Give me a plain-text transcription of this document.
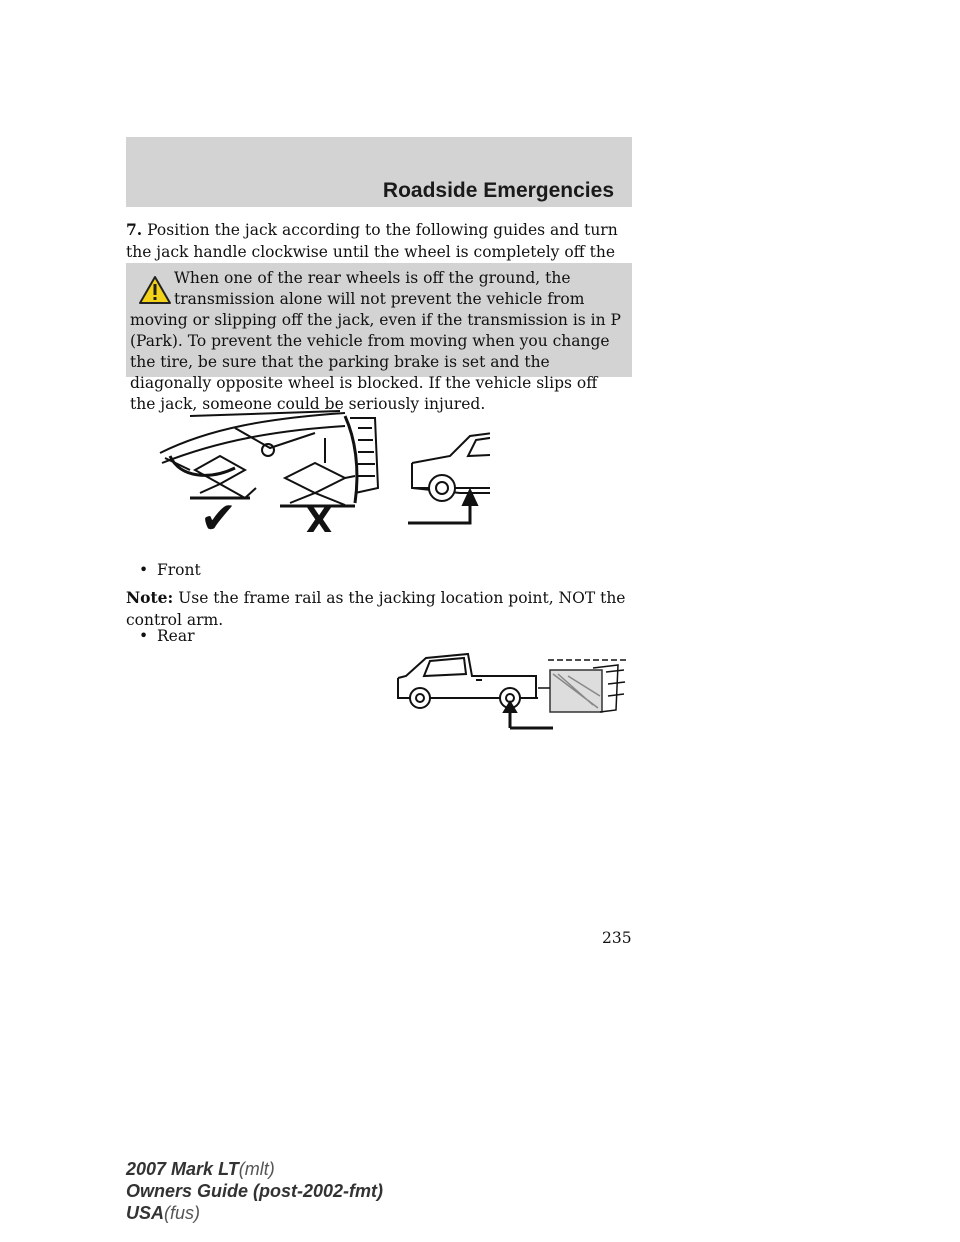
Roadside Emergencies
7. Position the jack according to the following guides and turn the jack handle clockwise until the wheel is completely off the
When one of the rear wheels is off the ground, the transmission alone will not prevent the vehicle from moving or slipping off the jack, even if the transmission is in P (Park). To prevent the vehicle from moving when you change the tire, be sure that the parking brake is set and the diagonally opposite wheel is blocked. If the vehicle slips off the jack, someone could be seriously injured.
✔ X
• Front
Note: Use the frame rail as the jacking location point, NOT the control arm.
• Rear
235
2007 Mark LT(mlt)
Owners Guide (post-2002-fmt)
USA(fus)
